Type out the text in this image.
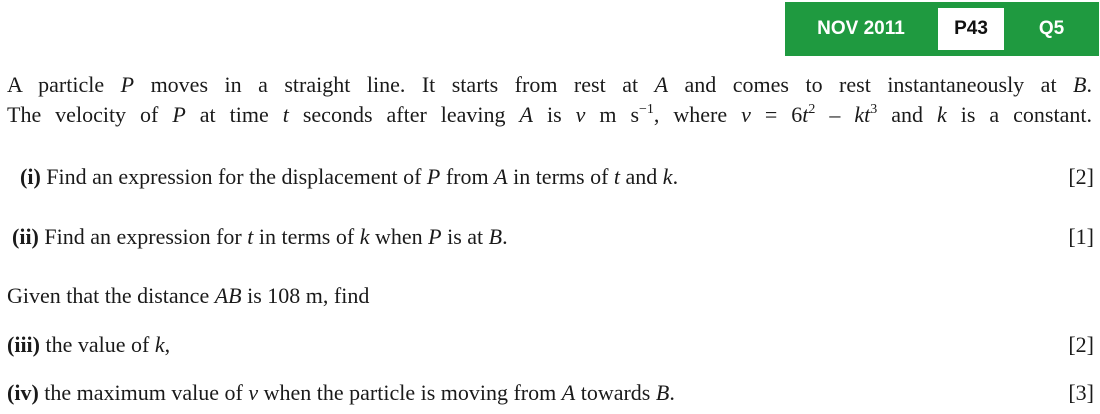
NOV 2011	P43	Q5
A particle P moves in a straight line. It starts from rest at A and comes to rest instantaneously at B.
The velocity of P at time t seconds after leaving A is v m $s^{-1}$, where $v = 6t^2 - kt^3$ and k is a constant.
(i) Find an expression for the displacement of P from A in terms of t and k.	[2]
(ii) Find an expression for t in terms of k when P is at B.	[1]
Given that the distance AB is 108 m, find
(iii) the value of k,	[2]
(iv) the maximum value of v when the particle is moving from A towards B.	[3]
